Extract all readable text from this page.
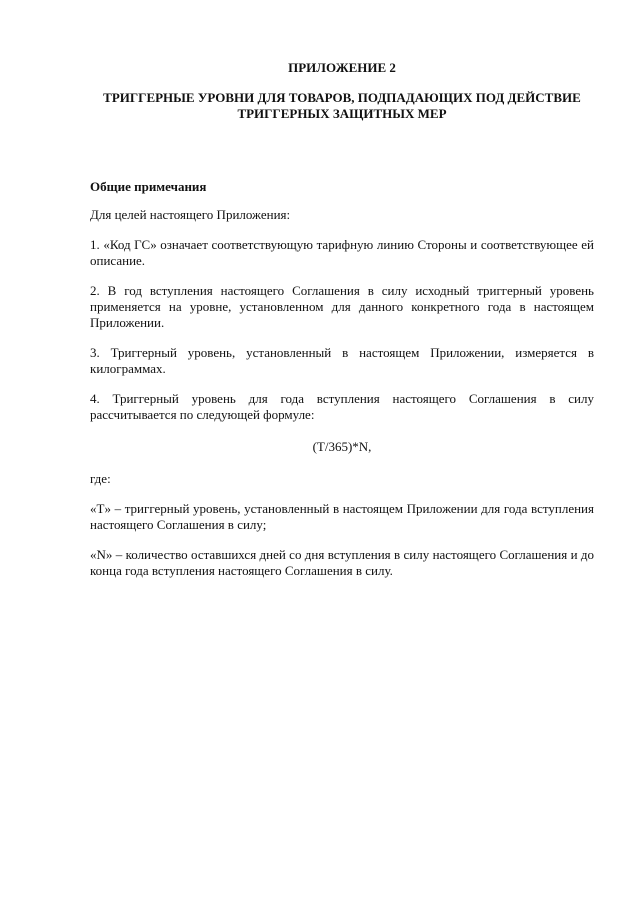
ПРИЛОЖЕНИЕ 2
ТРИГГЕРНЫЕ УРОВНИ ДЛЯ ТОВАРОВ, ПОДПАДАЮЩИХ ПОД ДЕЙСТВИЕ ТРИГГЕРНЫХ ЗАЩИТНЫХ МЕР
Общие примечания

Для целей настоящего Приложения:

1. «Код ГС» означает соответствующую тарифную линию Стороны и соответствующее ей описание.

2. В год вступления настоящего Соглашения в силу исходный триггерный уровень применяется на уровне, установленном для данного конкретного года в настоящем Приложении.

3. Триггерный уровень, установленный в настоящем Приложении, измеряется в килограммах.

4. Триггерный уровень для года вступления настоящего Соглашения в силу рассчитывается по следующей формуле:

(T/365)*N,

где:

«T» – триггерный уровень, установленный в настоящем Приложении для года вступления настоящего Соглашения в силу;

«N» – количество оставшихся дней со дня вступления в силу настоящего Соглашения и до конца года вступления настоящего Соглашения в силу.
